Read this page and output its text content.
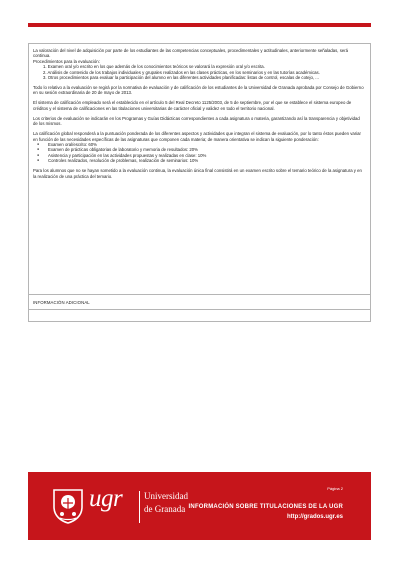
La valoración del nivel de adquisición por parte de los estudiantes de las competencias conceptuales, procedimentales y actitudinales, anteriormente señaladas, será continua.

Procedimientos para la evaluación:

1. Examen oral y/o escrito en los que además de los conocimientos teóricos se valorará la expresión oral y/o escrita.
2. Análisis de contenido de los trabajos individuales y grupales realizados en las clases prácticas, en los seminarios y en las tutorías académicas.
3. Otros procedimientos para evaluar la participación del alumno en las diferentes actividades planificadas: listas de control, escalas de cotejo, ...

Todo lo relativo a la evaluación se regirá por la normativa de evaluación y de calificación de los estudiantes de la Universidad de Granada aprobada por Consejo de Gobierno en su sesión extraordinaria de 20 de mayo de 2013.

El sistema de calificación empleado será el establecido en el artículo 5 del Real Decreto 1125/2003, de 5 de septiembre, por el que se establece el sistema europeo de créditos y el sistema de calificaciones en las titulaciones universitarias de carácter oficial y validez en todo el territorio nacional.

Los criterios de evaluación se indicarán en los Programas y Guías Didácticas correspondientes a cada asignatura o materia, garantizando así la transparencia y objetividad de los mismos.

La calificación global responderá a la puntuación ponderada de los diferentes aspectos y actividades que integran el sistema de evaluación, por lo tanto éstos pueden variar en función de las necesidades específicas de las asignaturas que componen cada materia; de manera orientativa se indican la siguiente ponderación:

● Examen oral/escrito: 60%
● Examen de prácticas obligatorias de laboratorio y memoria de resultados: 20%
● Asistencia y participación en las actividades propuestas y realizadas en clase: 10%
● Controles realizados, resolución de problemas, realización de seminarios: 10%

Para los alumnos que no se hayan sometido a la evaluación continua, la evaluación única final consistirá en un examen escrito sobre el temario teórico de la asignatura y en la realización de una práctica del temario.

INFORMACIÓN ADICIONAL
ugr Universidad
de Granada
Página 2
INFORMACIÓN SOBRE TITULACIONES DE LA UGR
http://grados.ugr.es
